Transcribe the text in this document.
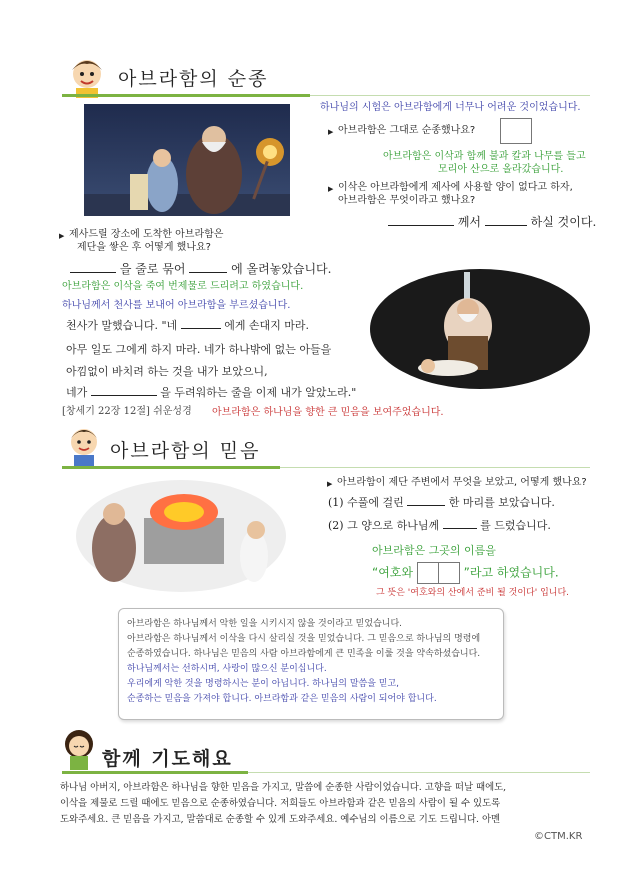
아브라함의 순종
하나님의 시험은 아브라함에게 너무나 어려운 것이었습니다.
▶ 아브라함은 그대로 순종했나요?
아브라함은 이삭과 함께 불과 칼과 나무를 들고
모리아 산으로 올라갔습니다.
▶ 이삭은 아브라함에게 제사에 사용할 양이 없다고 하자,
아브라함은 무엇이라고 했나요?
께서	하실 것이다.
▶ 제사드릴 장소에 도착한 아브라함은
제단을 쌓은 후 어떻게 했나요?
을 줄로 묶어	에 올려놓았습니다.
아브라함은 이삭을 죽여 번제물로 드리려고 하였습니다.
하나님께서 천사를 보내어 아브라함을 부르셨습니다.
천사가 말했습니다. "네	에게 손대지 마라.
아무 일도 그에게 하지 마라. 네가 하나밖에 없는 아들을
아낌없이 바치려 하는 것을 내가 보았으니,
네가	을 두려워하는 줄을 이제 내가 알았노라."
[창세기 22장 12절] 쉬운성경 아브라함은 하나님을 향한 큰 믿음을 보여주었습니다.
아브라함의 믿음
▶ 아브라함이 제단 주변에서 무엇을 보았고, 어떻게 했나요?
(1) 수풀에 걸린	한 마리를 보았습니다.
(2) 그 양으로 하나님께	를 드렸습니다.
아브라함은 그곳의 이름을
“여호와	”라고 하였습니다.
그 뜻은 '여호와의 산에서 준비 될 것이다' 입니다.
아브라함은 하나님께서 악한 일을 시키시지 않을 것이라고 믿었습니다.
아브라함은 하나님께서 이삭을 다시 살리실 것을 믿었습니다. 그 믿음으로 하나님의 명령에
순종하였습니다. 하나님은 믿음의 사람 아브라함에게 큰 민족을 이룰 것을 약속하셨습니다.
하나님께서는 선하시며, 사랑이 많으신 분이십니다.
우리에게 악한 것을 명령하시는 분이 아닙니다. 하나님의 말씀을 믿고,
순종하는 믿음을 가져야 합니다. 아브라함과 같은 믿음의 사람이 되어야 합니다.
함께 기도해요
하나님 아버지, 아브라함은 하나님을 향한 믿음을 가지고, 말씀에 순종한 사람이었습니다. 고향을 떠날 때에도,
이삭을 제물로 드릴 때에도 믿음으로 순종하였습니다. 저희들도 아브라함과 같은 믿음의 사람이 될 수 있도록
도와주세요. 큰 믿음을 가지고, 말씀대로 순종할 수 있게 도와주세요. 예수님의 이름으로 기도 드립니다. 아멘
©CTM.KR
